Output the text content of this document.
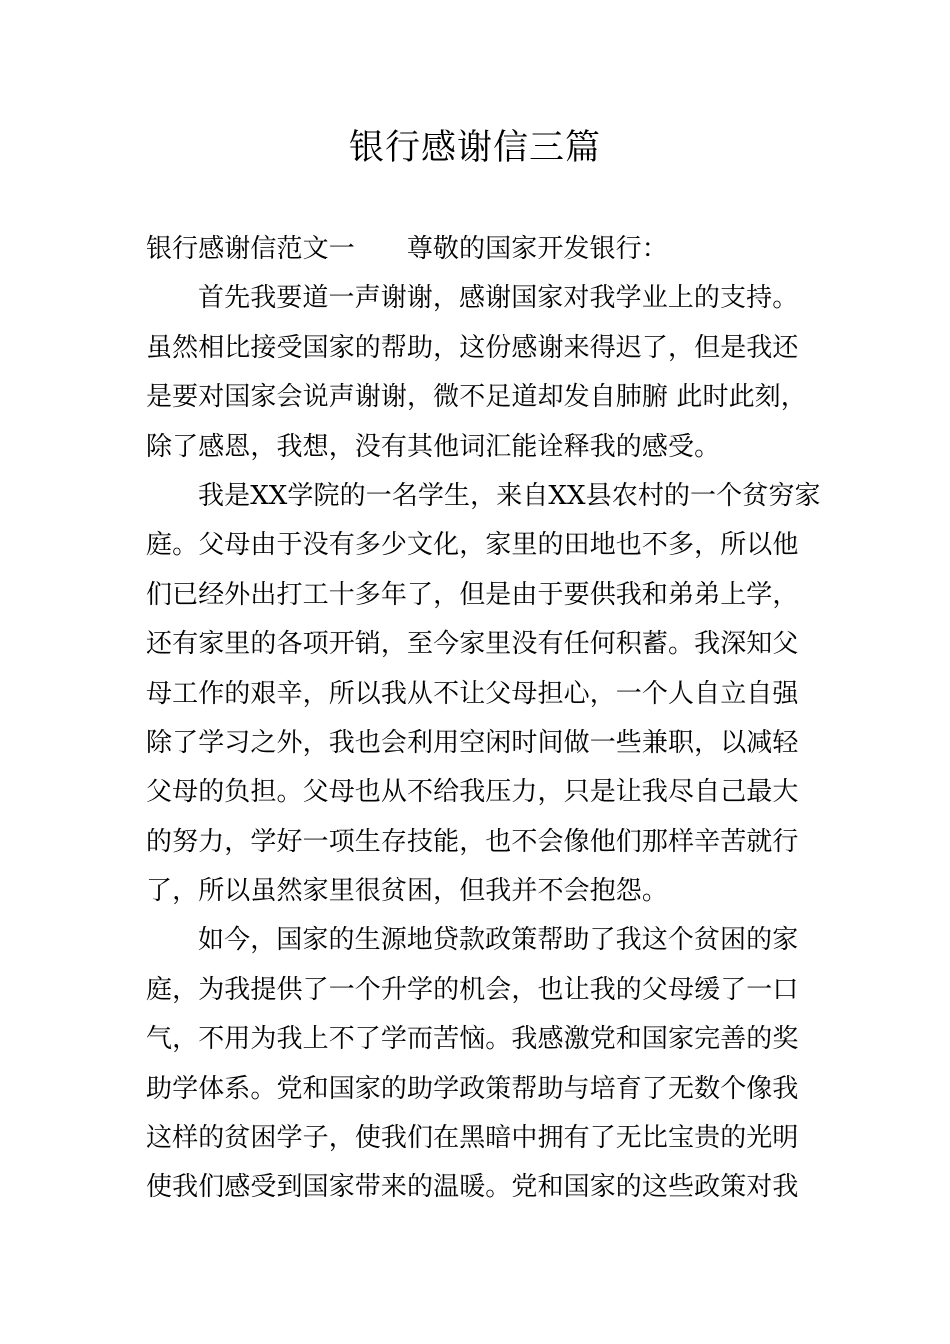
银行感谢信三篇
银行感谢信范文一 尊敬的国家开发银行：
首先我要道一声谢谢，感谢国家对我学业上的支持。
虽然相比接受国家的帮助，这份感谢来得迟了，但是我还
是要对国家会说声谢谢，微不足道却发自肺腑 此时此刻，
除了感恩，我想，没有其他词汇能诠释我的感受。
我是XX学院的一名学生，来自XX县农村的一个贫穷家
庭。父母由于没有多少文化，家里的田地也不多，所以他
们已经外出打工十多年了，但是由于要供我和弟弟上学，
还有家里的各项开销，至今家里没有任何积蓄。我深知父
母工作的艰辛，所以我从不让父母担心，一个人自立自强
除了学习之外，我也会利用空闲时间做一些兼职，以减轻
父母的负担。父母也从不给我压力，只是让我尽自己最大
的努力，学好一项生存技能，也不会像他们那样辛苦就行
了，所以虽然家里很贫困，但我并不会抱怨。
如今，国家的生源地贷款政策帮助了我这个贫困的家
庭，为我提供了一个升学的机会，也让我的父母缓了一口
气，不用为我上不了学而苦恼。我感激党和国家完善的奖
助学体系。党和国家的助学政策帮助与培育了无数个像我
这样的贫困学子，使我们在黑暗中拥有了无比宝贵的光明
使我们感受到国家带来的温暖。党和国家的这些政策对我
